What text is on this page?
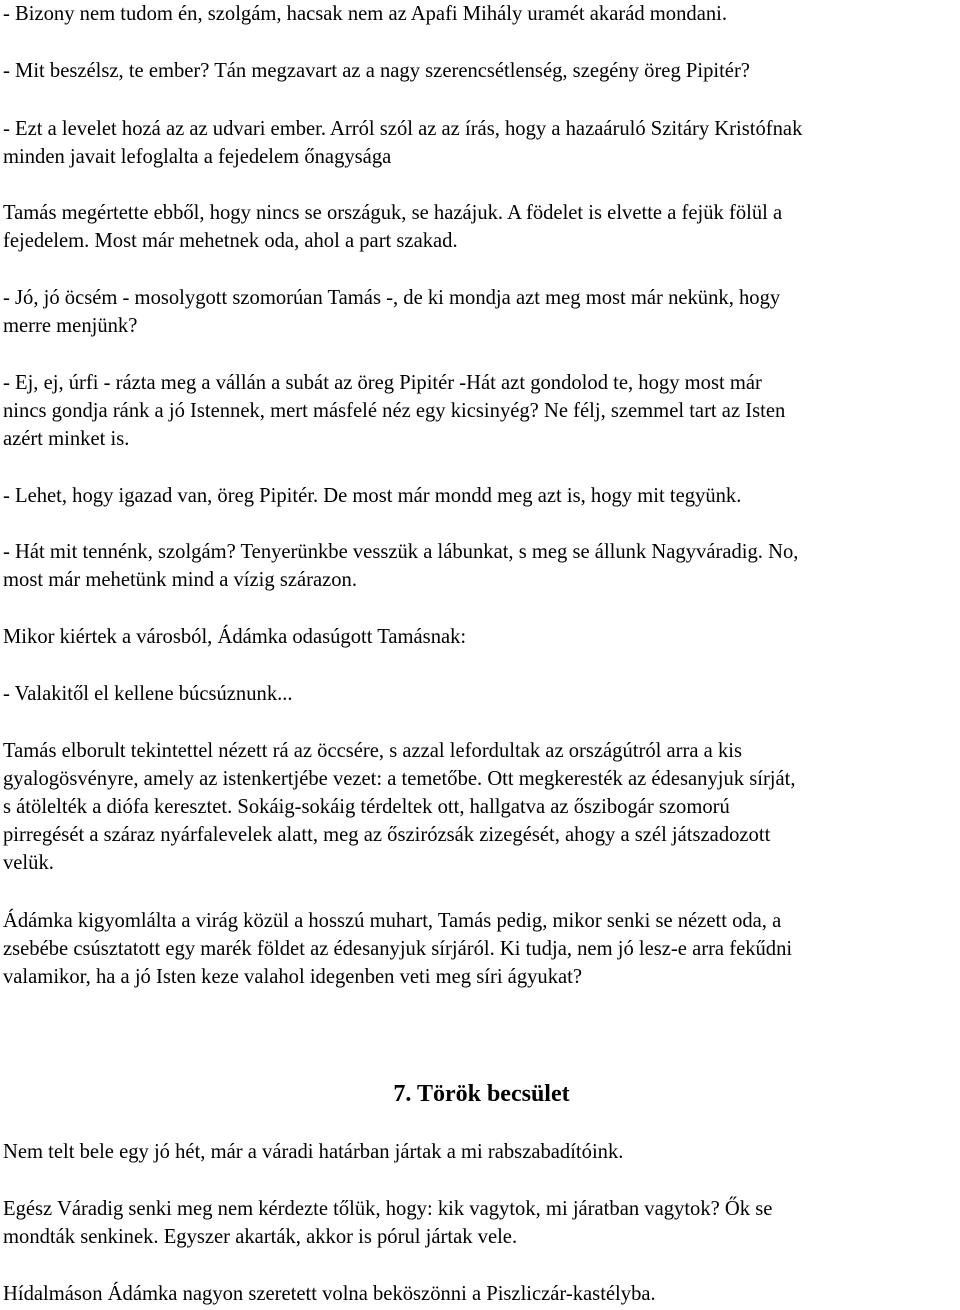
- Bizony nem tudom én, szolgám, hacsak nem az Apafi Mihály uramét akarád mondani.

- Mit beszélsz, te ember? Tán megzavart az a nagy szerencsétlenség, szegény öreg Pipitér?

- Ezt a levelet hozá az az udvari ember. Arról szól az az írás, hogy a hazaáruló Szitáry Kristófnak
minden javait lefoglalta a fejedelem őnagysága

Tamás megértette ebből, hogy nincs se országuk, se hazájuk. A födelet is elvette a fejük fölül a
fejedelem. Most már mehetnek oda, ahol a part szakad.

- Jó, jó öcsém - mosolygott szomorúan Tamás -, de ki mondja azt meg most már nekünk, hogy
merre menjünk?

- Ej, ej, úrfi - rázta meg a vállán a subát az öreg Pipitér -Hát azt gondolod te, hogy most már
nincs gondja ránk a jó Istennek, mert másfelé néz egy kicsinyég? Ne félj, szemmel tart az Isten
azért minket is.

- Lehet, hogy igazad van, öreg Pipitér. De most már mondd meg azt is, hogy mit tegyünk.

- Hát mit tennénk, szolgám? Tenyerünkbe vesszük a lábunkat, s meg se állunk Nagyváradig. No,
most már mehetünk mind a vízig szárazon.

Mikor kiértek a városból, Ádámka odasúgott Tamásnak:

- Valakitől el kellene búcsúznunk...

Tamás elborult tekintettel nézett rá az öccsére, s azzal lefordultak az országútról arra a kis
gyalogösvényre, amely az istenkertjébe vezet: a temetőbe. Ott megkeresték az édesanyjuk sírját,
s átölelték a diófa keresztet. Sokáig-sokáig térdeltek ott, hallgatva az őszibogár szomorú
pirregését a száraz nyárfalevelek alatt, meg az őszirózsák zizegését, ahogy a szél játszadozott
velük.

Ádámka kigyomlálta a virág közül a hosszú muhart, Tamás pedig, mikor senki se nézett oda, a
zsebébe csúsztatott egy marék földet az édesanyjuk sírjáról. Ki tudja, nem jó lesz-e arra fekűdni
valamikor, ha a jó Isten keze valahol idegenben veti meg síri ágyukat?

7. Török becsület

Nem telt bele egy jó hét, már a váradi határban jártak a mi rabszabadítóink.

Egész Váradig senki meg nem kérdezte tőlük, hogy: kik vagytok, mi járatban vagytok? Ők se
mondták senkinek. Egyszer akarták, akkor is pórul jártak vele.

Hídalmáson Ádámka nagyon szeretett volna beköszönni a Piszliczár-kastélyba.
